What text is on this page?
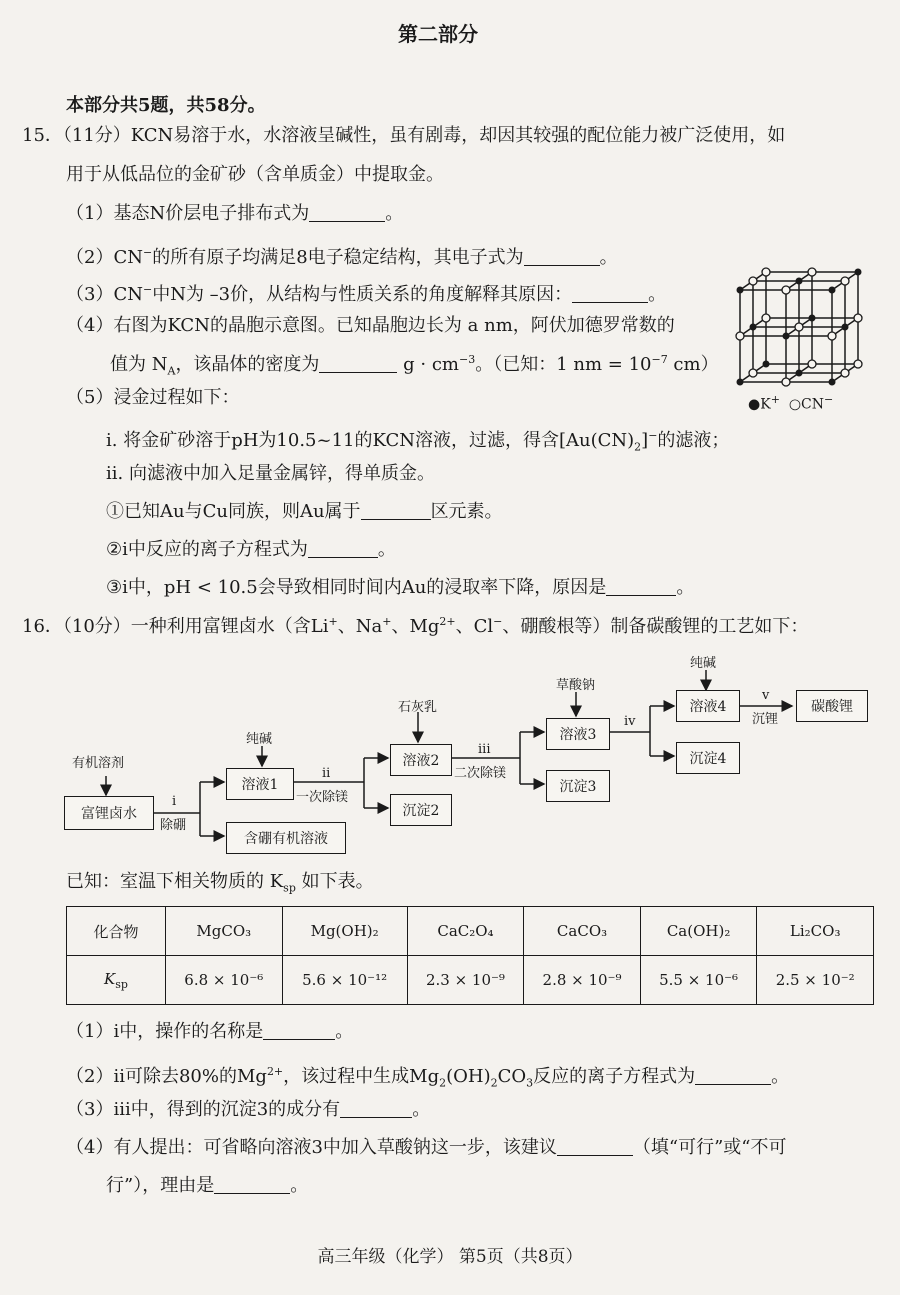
第二部分
本部分共5题，共58分。
15．（11分）KCN易溶于水，水溶液呈碱性，虽有剧毒，却因其较强的配位能力被广泛使用，如
用于从低品位的金矿砂（含单质金）中提取金。
（1）基态N价层电子排布式为	。
（2）CN−的所有原子均满足8电子稳定结构，其电子式为	。
（3）CN−中N为 –3价，从结构与性质关系的角度解释其原因：	。
（4）右图为KCN的晶胞示意图。已知晶胞边长为 a nm，阿伏加德罗常数的
值为 $N_A$，该晶体的密度为	$g \cdot cm^{-3}$。（已知：1 nm = $10^{-7}$ cm）
●K+ ○CN−
（5）浸金过程如下：
i. 将金矿砂溶于pH为10.5~11的KCN溶液，过滤，得含$[Au(CN)_2]^-$的滤液；
ii. 向滤液中加入足量金属锌，得单质金。
①已知Au与Cu同族，则Au属于	区元素。
②i中反应的离子方程式为	。
③i中，pH < 10.5会导致相同时间内Au的浸取率下降，原因是	。
16．（10分）一种利用富锂卤水（含Li+、Na+、$Mg^{2+}$、Cl−、硼酸根等）制备碳酸锂的工艺如下：
有机溶剂
富锂卤水
i
除硼
含硼有机溶液
纯碱
溶液1
ii
一次除镁
石灰乳
溶液2
沉淀2
iii
二次除镁
草酸钠
溶液3
沉淀3
iv
纯碱
溶液4
沉淀4
v
沉锂
碳酸锂
已知：室温下相关物质的 $K_{sp}$ 如下表。
化合物	MgCO₃	Mg(OH)₂	CaC₂O₄	CaCO₃	Ca(OH)₂	Li₂CO₃
$K_{sp}$	6.8 × 10⁻⁶	5.6 × 10⁻¹²	2.3 × 10⁻⁹	2.8 × 10⁻⁹	5.5 × 10⁻⁶	2.5 × 10⁻²
（1）i中，操作的名称是	。
（2）ii可除去80%的$Mg^{2+}$，该过程中生成$Mg_2(OH)_2CO_3$反应的离子方程式为	。
（3）iii中，得到的沉淀3的成分有	。
（4）有人提出：可省略向溶液3中加入草酸钠这一步，该建议	（填“可行”或“不可
行”），理由是	。
高三年级（化学） 第5页（共8页）
